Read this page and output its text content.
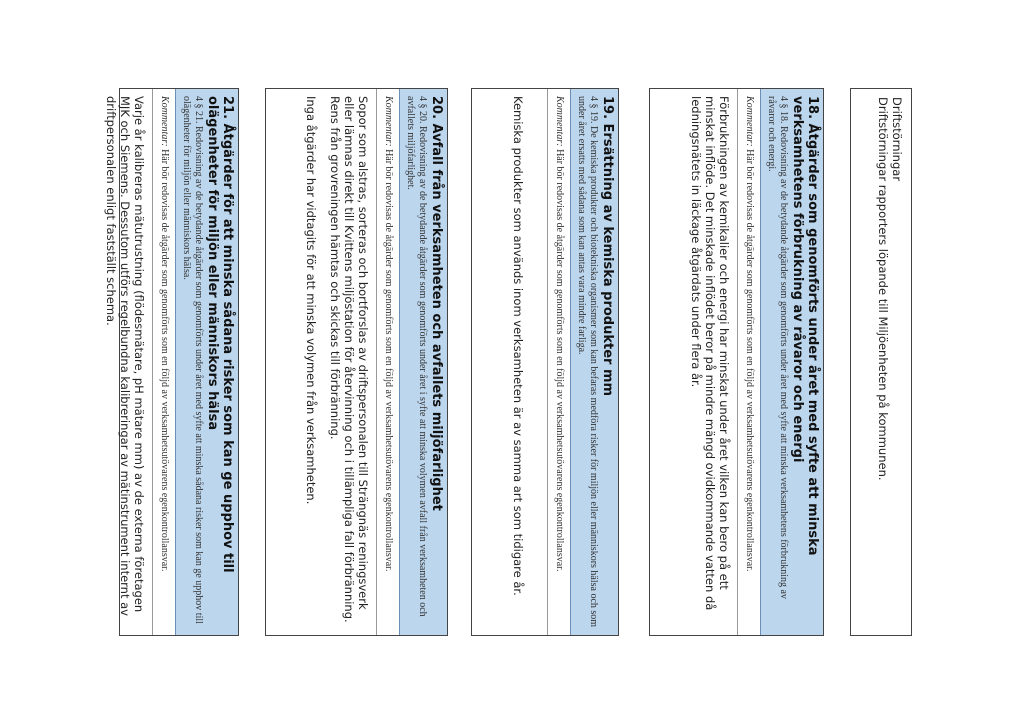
Driftstörningar

Driftstörningar rapporters löpande till Miljöenheten på kommunen.

18. Åtgärder som genomförts under året med syfte att minska verksamhetens förbrukning av råvaror och energi

4 § 18. Redovisning av de betydande åtgärder som genomförts under året med syfte att minska verksamhetens förbrukning av råvaror och energi.

Kommentar: Här bör redovisas de åtgärder som genomförts som en följd av verksamhetsutövarens egenkontrollansvar.
Förbrukningen av kemikalier och energi har minskat under året vilken kan bero på ett minskat inflöde. Det minskade inflödet beror på mindre mängd ovidkommande vatten då ledningsnätets in läckage åtgärdats under flera år.

19. Ersättning av kemiska produkter mm

4 § 19. De kemiska produkter och biotekniska organismer som kan befaras medföra risker för miljön eller människors hälsa och som under året ersatts med sådana som kan antas vara mindre farliga.

Kommentar: Här bör redovisas de åtgärder som genomförts som en följd av verksamhetsutövarens egenkontrollansvar.
Kemiska produkter som används inom verksamheten är av samma art som tidigare år.

20. Avfall från verksamheten och avfallets miljöfarlighet

4 § 20. Redovisning av de betydande åtgärder som genomförts under året i syfte att minska volymen avfall från verksamheten och avfallets miljöfarlighet.

Kommentar: Här bör redovisas de åtgärder som genomförts som en följd av verksamhetsutövarens egenkontrollansvar.

Sopor som alstras, sorteras och bortforslas av driftspersonalen till Strängnäs reningsverk eller lämnas direkt till Kvittens miljöstation för återvinning och i tillämpliga fall förbränning. Rens från grovreningen hämtas och skickas till förbränning.

Inga åtgärder har vidtagits för att minska volymen från verksamheten.

21. Åtgärder för att minska sådana risker som kan ge upphov till olägenheter för miljön eller människors hälsa

4 § 21. Redovisning av de betydande åtgärder som genomförts under året med syfte att minska sådana risker som kan ge upphov till olägenheter för miljön eller människors hälsa.

Kommentar: Här bör redovisas de åtgärder som genomförts som en följd av verksamhetsutövarens egenkontrollansvar.
Varje år kalibreras mätutrustning (flödesmätare, pH mätare mm) av de externa företagen MJK och Siemens. Dessutom utförs regelbundna kalibreringar av mätinstrument internt av driftpersonalen enligt fastställt schema.
